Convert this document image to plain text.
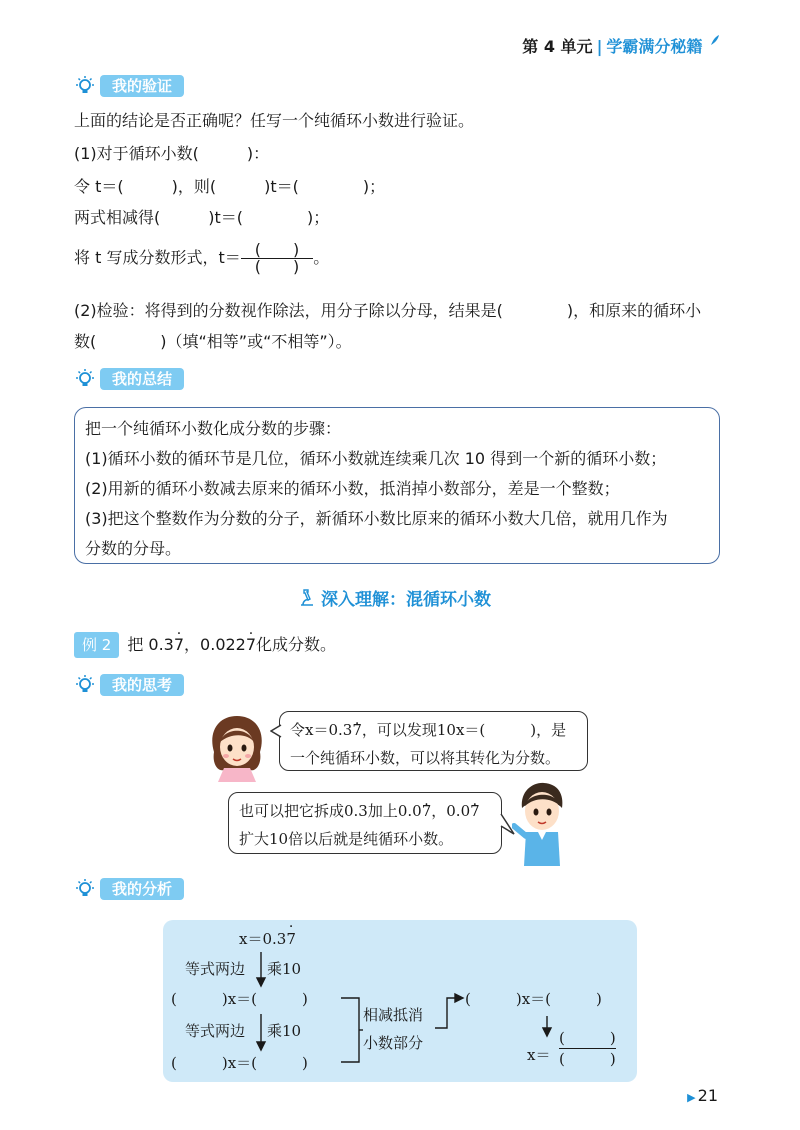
第 4 单元 | 学霸满分秘籍
我的验证
上面的结论是否正确呢？任写一个纯循环小数进行验证。
(1)对于循环小数(　　　)：
令 t＝(　　　)，则(　　　)t＝(　　　　)；
两式相减得(　　　)t＝(　　　　)；
将 t 写成分数形式，$t= \frac{( )}{( )}$ 。
(2)检验：将得到的分数视作除法，用分子除以分母，结果是(　　　　)，和原来的循环小
数(　　　　)（填“相等”或“不相等”）。
我的总结
把一个纯循环小数化成分数的步骤：
(1)循环小数的循环节是几位，循环小数就连续乘几次 10 得到一个新的循环小数；
(2)用新的循环小数减去原来的循环小数，抵消掉小数部分，差是一个整数；
(3)把这个整数作为分数的分子，新循环小数比原来的循环小数大几倍，就用几作为
分数的分母。
深入理解：混循环小数
例 2	把 0.3 7 · ，0.022 7 · 化成分数。
我的思考
令x＝0.37 ·，可以发现10x＝(　　　)，是
一个纯循环小数，可以将其转化为分数。
也可以把它拆成0.3加上0.07 ·，0.07 ·
扩大10倍以后就是纯循环小数。
我的分析
x＝0.37 ·
等式两边 乘10
(　　　)x＝(　　　)
等式两边 乘10
(　　　)x＝(　　　)
相减抵消
小数部分
(　　　)x＝(　　　)
x＝
(　　　)
(　　　)
▶ 21
